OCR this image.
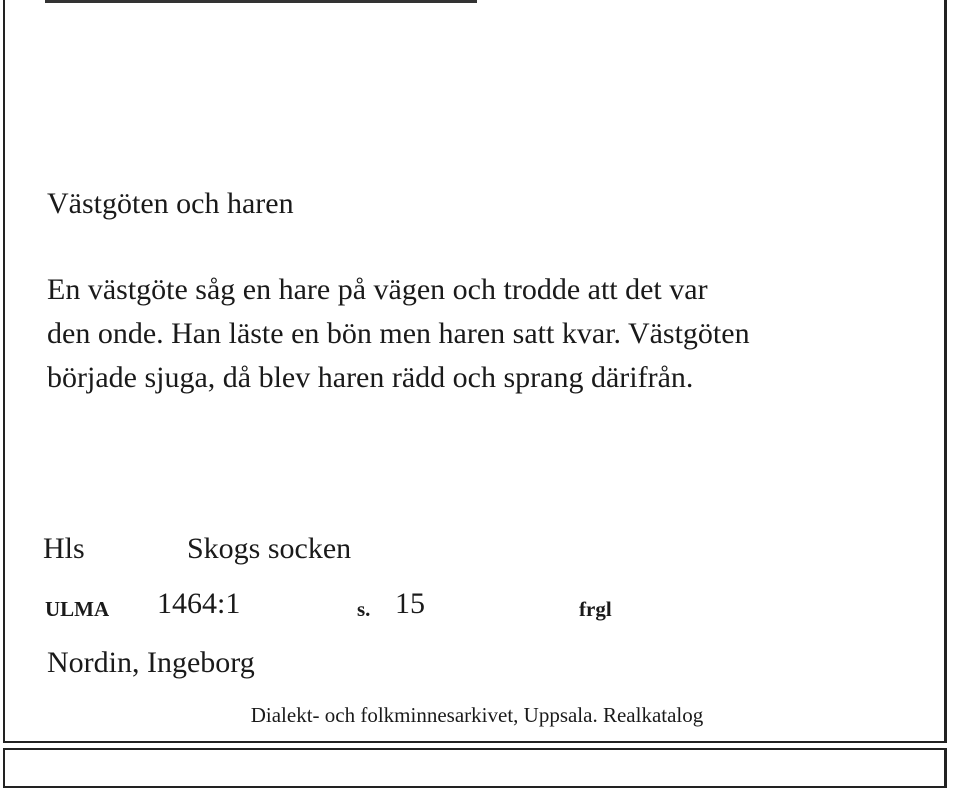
Västgöten och haren
En västgöte såg en hare på vägen och trodde att det var
den onde. Han läste en bön men haren satt kvar. Västgöten
började sjuga, då blev haren rädd och sprang därifrån.
Hls	Skogs socken
ULMA 1464:1	s. 15	frgl
Nordin, Ingeborg
Dialekt- och folkminnesarkivet, Uppsala. Realkatalog
